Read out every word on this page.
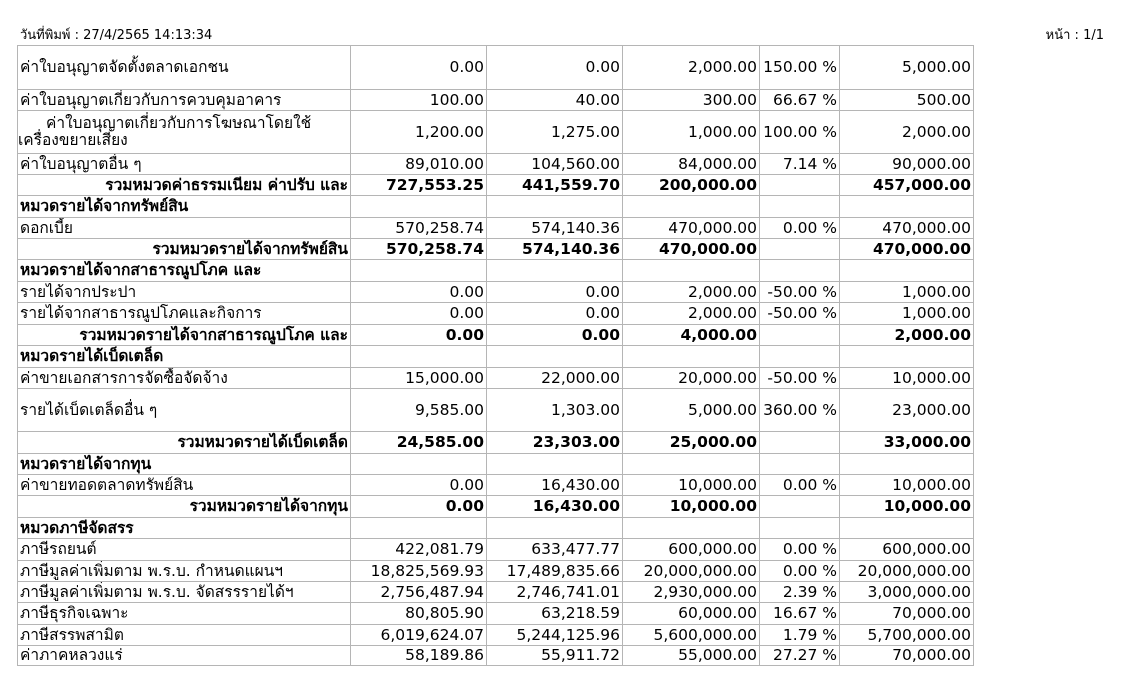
วันที่พิมพ์ : 27/4/2565 14:13:34	หน้า : 1/1
ค่าใบอนุญาตจัดตั้งตลาดเอกชน	0.00	0.00	2,000.00	150.00 %	5,000.00
ค่าใบอนุญาตเกี่ยวกับการควบคุมอาคาร	100.00	40.00	300.00	66.67 %	500.00
ค่าใบอนุญาตเกี่ยวกับการโฆษณาโดยใช้เครื่องขยายเสียง	1,200.00	1,275.00	1,000.00	100.00 %	2,000.00
ค่าใบอนุญาตอื่น ๆ	89,010.00	104,560.00	84,000.00	7.14 %	90,000.00
รวมหมวดค่าธรรมเนียม ค่าปรับ และ	727,553.25	441,559.70	200,000.00		457,000.00
หมวดรายได้จากทรัพย์สิน					
ดอกเบี้ย	570,258.74	574,140.36	470,000.00	0.00 %	470,000.00
รวมหมวดรายได้จากทรัพย์สิน	570,258.74	574,140.36	470,000.00		470,000.00
หมวดรายได้จากสาธารณูปโภค และ					
รายได้จากประปา	0.00	0.00	2,000.00	-50.00 %	1,000.00
รายได้จากสาธารณูปโภคและกิจการ	0.00	0.00	2,000.00	-50.00 %	1,000.00
รวมหมวดรายได้จากสาธารณูปโภค และ	0.00	0.00	4,000.00		2,000.00
หมวดรายได้เบ็ดเตล็ด					
ค่าขายเอกสารการจัดซื้อจัดจ้าง	15,000.00	22,000.00	20,000.00	-50.00 %	10,000.00
รายได้เบ็ดเตล็ดอื่น ๆ	9,585.00	1,303.00	5,000.00	360.00 %	23,000.00
รวมหมวดรายได้เบ็ดเตล็ด	24,585.00	23,303.00	25,000.00		33,000.00
หมวดรายได้จากทุน					
ค่าขายทอดตลาดทรัพย์สิน	0.00	16,430.00	10,000.00	0.00 %	10,000.00
รวมหมวดรายได้จากทุน	0.00	16,430.00	10,000.00		10,000.00
หมวดภาษีจัดสรร					
ภาษีรถยนต์	422,081.79	633,477.77	600,000.00	0.00 %	600,000.00
ภาษีมูลค่าเพิ่มตาม พ.ร.บ. กำหนดแผนฯ	18,825,569.93	17,489,835.66	20,000,000.00	0.00 %	20,000,000.00
ภาษีมูลค่าเพิ่มตาม พ.ร.บ. จัดสรรรายได้ฯ	2,756,487.94	2,746,741.01	2,930,000.00	2.39 %	3,000,000.00
ภาษีธุรกิจเฉพาะ	80,805.90	63,218.59	60,000.00	16.67 %	70,000.00
ภาษีสรรพสามิต	6,019,624.07	5,244,125.96	5,600,000.00	1.79 %	5,700,000.00
ค่าภาคหลวงแร่	58,189.86	55,911.72	55,000.00	27.27 %	70,000.00
